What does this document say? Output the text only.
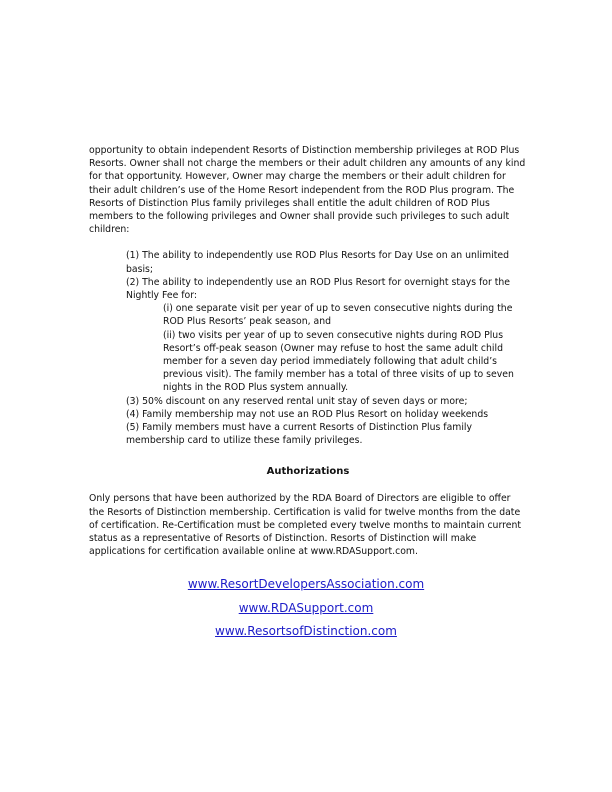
opportunity to obtain independent Resorts of Distinction membership privileges at ROD Plus Resorts. Owner shall not charge the members or their adult children any amounts of any kind for that opportunity. However, Owner may charge the members or their adult children for their adult children’s use of the Home Resort independent from the ROD Plus program. The Resorts of Distinction Plus family privileges shall entitle the adult children of ROD Plus members to the following privileges and Owner shall provide such privileges to such adult children:

(1) The ability to independently use ROD Plus Resorts for Day Use on an unlimited basis;

(2) The ability to independently use an ROD Plus Resort for overnight stays for the Nightly Fee for:

(i) one separate visit per year of up to seven consecutive nights during the ROD Plus Resorts’ peak season, and

(ii) two visits per year of up to seven consecutive nights during ROD Plus Resort’s off-peak season (Owner may refuse to host the same adult child member for a seven day period immediately following that adult child’s previous visit). The family member has a total of three visits of up to seven nights in the ROD Plus system annually.

(3) 50% discount on any reserved rental unit stay of seven days or more;

(4) Family membership may not use an ROD Plus Resort on holiday weekends

(5) Family members must have a current Resorts of Distinction Plus family membership card to utilize these family privileges.

Authorizations

Only persons that have been authorized by the RDA Board of Directors are eligible to offer the Resorts of Distinction membership. Certification is valid for twelve months from the date of certification. Re-Certification must be completed every twelve months to maintain current status as a representative of Resorts of Distinction. Resorts of Distinction will make applications for certification available online at www.RDASupport.com.

www.ResortDevelopersAssociation.com
www.RDASupport.com
www.ResortsofDistinction.com
